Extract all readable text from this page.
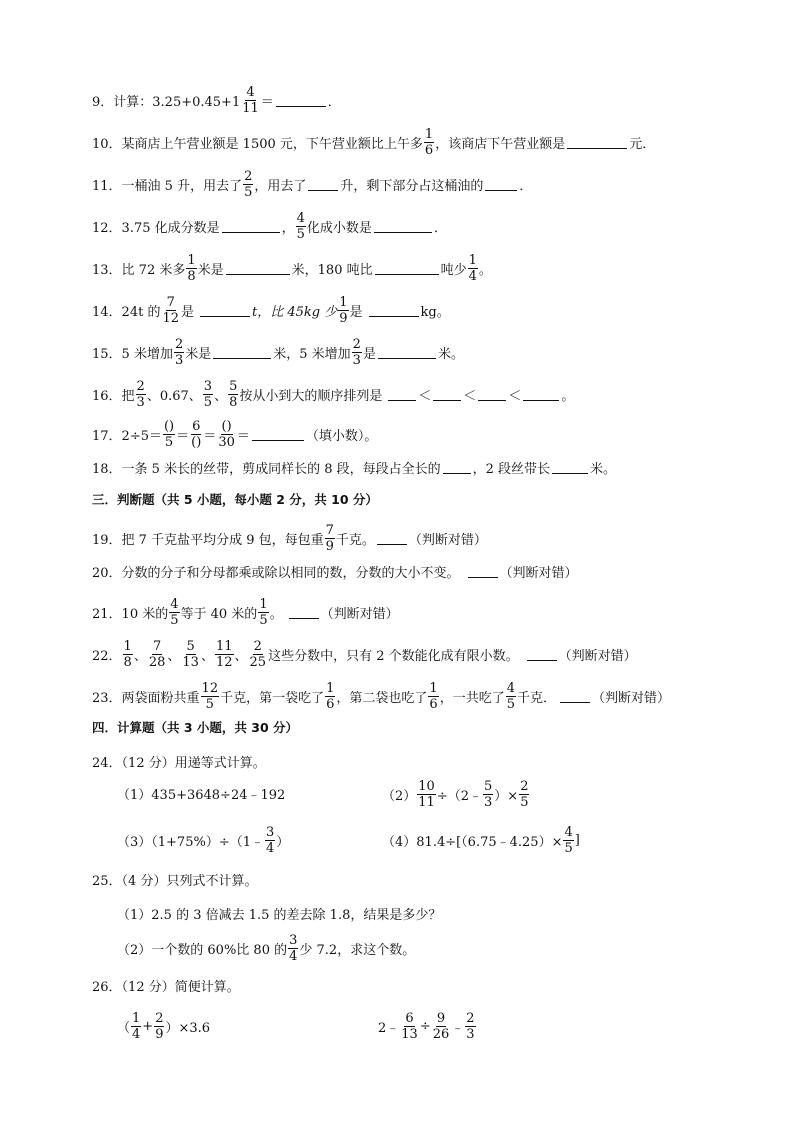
9．计算：$3.25+0.45+1 \frac{4}{11}$ ＝	．
10．某商店上午营业额是 1500 元，下午营业额比上午多 $\frac{1}{6}$ ，该商店下午营业额是	元．
11．一桶油 5 升，用去了 $\frac{2}{5}$ ，用去了	升，剩下部分占这桶油的	．
12．3.75 化成分数是	， $\frac{4}{5}$ 化成小数是	．
13．比 72 米多 $\frac{1}{8}$ 米是	米，180 吨比	吨少 $\frac{1}{4}$ 。
14．24t 的 $\frac{7}{12}$ 是	t，比 45kg 少 $\frac{1}{9}$ 是	kg。
15．5 米增加 $\frac{2}{3}$ 米是	米，5 米增加 $\frac{2}{3}$ 是	米。
16．把 $\frac{2}{3}$ 、0.67、 $\frac{3}{5}$ 、 $\frac{5}{8}$ 按从小到大的顺序排列是	＜ ＜ ＜	。
17．$2\div 5= \frac{()}{5} = \frac{6}{()} = \frac{()}{30}$ ＝	（填小数）。
18．一条 5 米长的丝带，剪成同样长的 8 段，每段占全长的 ，2 段丝带长	米。
三．判断题（共 5 小题，每小题 2 分，共 10 分）
19．把 7 千克盐平均分成 9 包，每包重 $\frac{7}{9}$ 千克。	（判断对错）
20．分数的分子和分母都乘或除以相同的数，分数的大小不变。	（判断对错）
21．10 米的 $\frac{4}{5}$ 等于 40 米的 $\frac{1}{5}$ 。	（判断对错）
22． $\frac{1}{8}$ 、 $\frac{7}{28}$ 、 $\frac{5}{13}$ 、 $\frac{11}{12}$ 、 $\frac{2}{25}$ 这些分数中，只有 2 个数能化成有限小数。	（判断对错）
23．两袋面粉共重 $\frac{12}{5}$ 千克，第一袋吃了 $\frac{1}{6}$ ，第二袋也吃了 $\frac{1}{6}$ ，一共吃了 $\frac{4}{5}$ 千克．	（判断对错）
四．计算题（共 3 小题，共 30 分）
24．（12 分）用递等式计算。
（1）435+3648÷24﹣192	$(2) \frac{10}{11}$ ÷（2﹣ $\frac{5}{3}$ ）× $\frac{2}{5}$
（3）（1+75%）÷（1﹣ $\frac{3}{4}$ ）	（4）81.4÷[（6.75﹣4.25）× $\frac{4}{5}$ ]
25．（4 分）只列式不计算。
（1）2.5 的 3 倍减去 1.5 的差去除 1.8，结果是多少？
（2）一个数的 60%比 80 的 $\frac{3}{4}$ 少 7.2，求这个数。
26．（12 分）简便计算。
（ $\frac{1}{4} + \frac{2}{9} )\times 3.6$	2﹣ $\frac{6}{13} \div \frac{9}{26}$ ﹣ $\frac{2}{3}$
